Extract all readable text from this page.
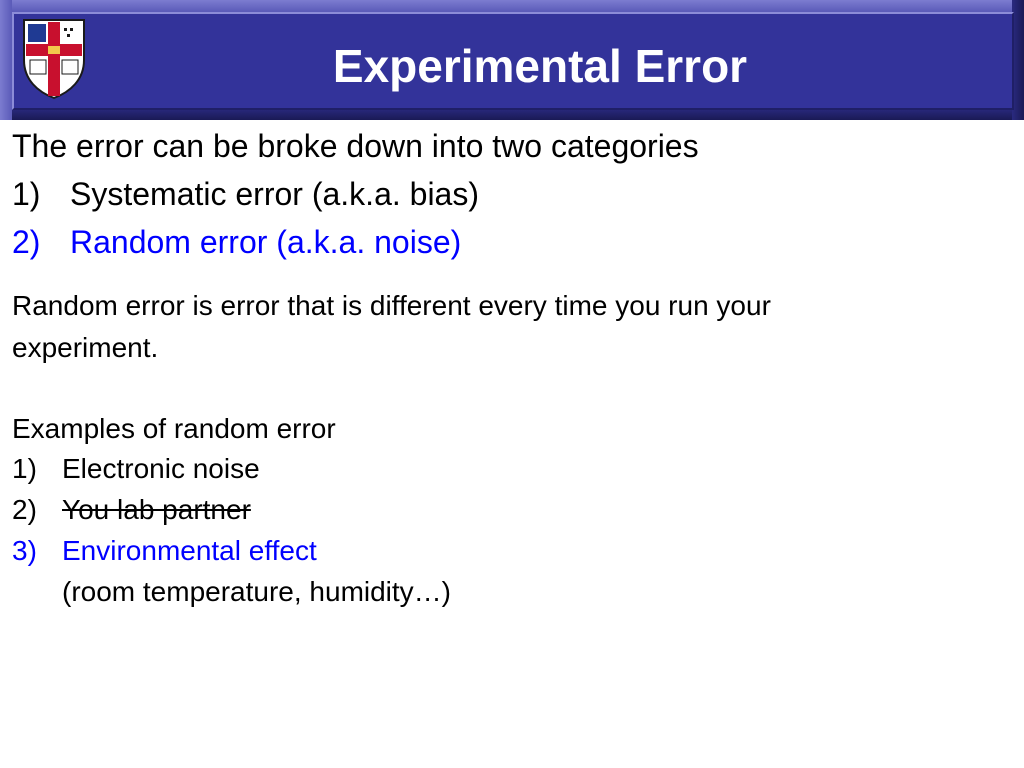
Experimental Error
The error can be broke down into two categories
1) Systematic error (a.k.a. bias)
2) Random error (a.k.a. noise)
Random error is error that is different every time you run your
experiment.
Examples of random error
1) Electronic noise
2) You lab partner
3) Environmental effect
(room temperature, humidity…)
